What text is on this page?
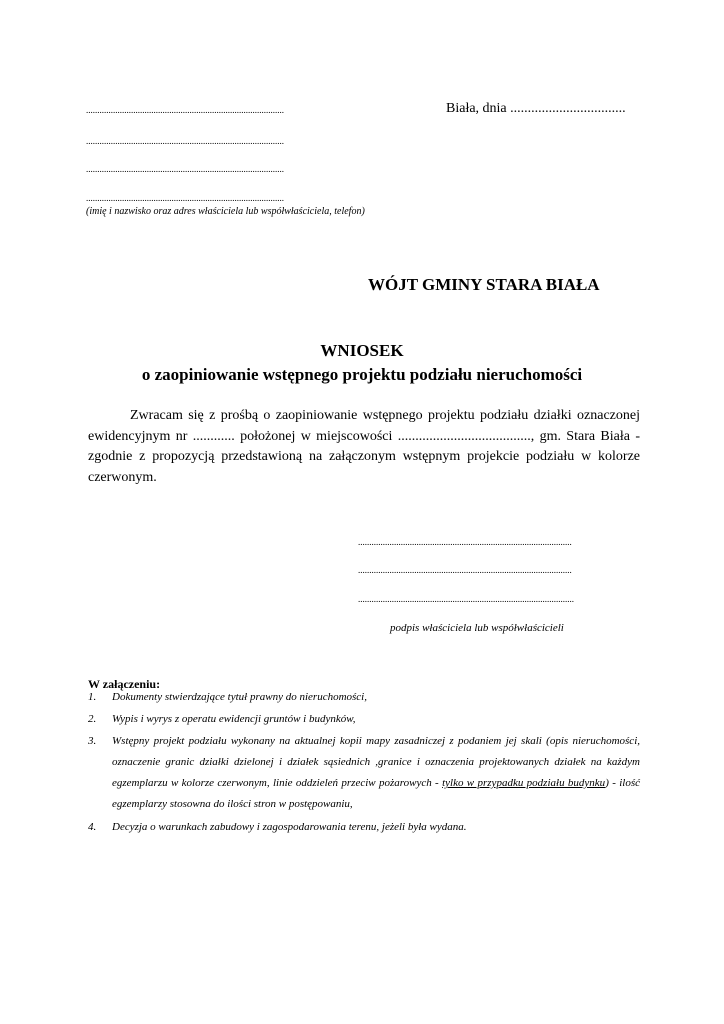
........................................................................................
........................................................................................
........................................................................................
........................................................................................
(imię i nazwisko oraz adres właściciela lub współwłaściciela, telefon)
Biała, dnia .................................
WÓJT GMINY STARA BIAŁA
WNIOSEK
o zaopiniowanie wstępnego projektu podziału nieruchomości
Zwracam się z prośbą o zaopiniowanie wstępnego projektu podziału działki oznaczonej ewidencyjnym nr ............ położonej w miejscowości ......................................, gm. Stara Biała - zgodnie z propozycją przedstawioną na załączonym wstępnym projekcie podziału w kolorze czerwonym.
...............................................................................................
...............................................................................................
................................................................................................
podpis właściciela lub współwłaścicieli
W załączeniu:
1. Dokumenty stwierdzające tytuł prawny do nieruchomości,
2. Wypis i wyrys z operatu ewidencji gruntów i budynków,
3. Wstępny projekt podziału wykonany na aktualnej kopii mapy zasadniczej z podaniem jej skali (opis nieruchomości, oznaczenie granic działki dzielonej i działek sąsiednich ,granice i oznaczenia projektowanych działek na każdym egzemplarzu w kolorze czerwonym, linie oddzieleń przeciw pożarowych - tylko w przypadku podziału budynku) - ilość egzemplarzy stosowna do ilości stron w postępowaniu,
4. Decyzja o warunkach zabudowy i zagospodarowania terenu, jeżeli była wydana.
